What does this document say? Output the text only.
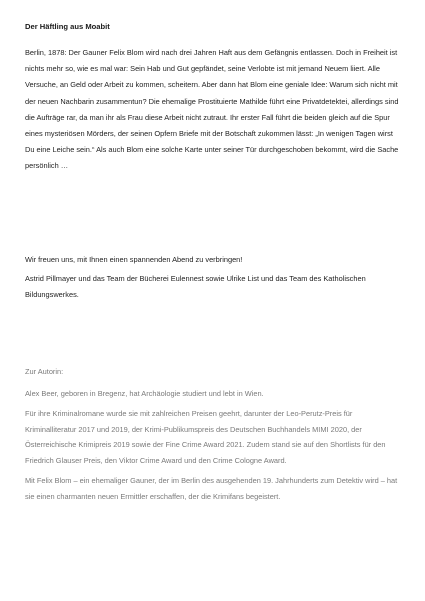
Der Häftling aus Moabit

Berlin, 1878: Der Gauner Felix Blom wird nach drei Jahren Haft aus dem Gefängnis entlassen. Doch in Freiheit ist nichts mehr so, wie es mal war: Sein Hab und Gut gepfändet, seine Verlobte ist mit jemand Neuem liiert. Alle Versuche, an Geld oder Arbeit zu kommen, scheitern. Aber dann hat Blom eine geniale Idee: Warum sich nicht mit der neuen Nachbarin zusammentun? Die ehemalige Prostituierte Mathilde führt eine Privatdetektei, allerdings sind die Aufträge rar, da man ihr als Frau diese Arbeit nicht zutraut. Ihr erster Fall führt die beiden gleich auf die Spur eines mysteriösen Mörders, der seinen Opfern Briefe mit der Botschaft zukommen lässt: „In wenigen Tagen wirst Du eine Leiche sein.“ Als auch Blom eine solche Karte unter seiner Tür durchgeschoben bekommt, wird die Sache persönlich …

Wir freuen uns, mit Ihnen einen spannenden Abend zu verbringen!

Astrid Pillmayer und das Team der Bücherei Eulennest sowie Ulrike List und das Team des Katholischen Bildungswerkes.

Zur Autorin:

Alex Beer, geboren in Bregenz, hat Archäologie studiert und lebt in Wien.

Für ihre Kriminalromane wurde sie mit zahlreichen Preisen geehrt, darunter der Leo-Perutz-Preis für Kriminalliteratur 2017 und 2019, der Krimi-Publikumspreis des Deutschen Buchhandels MIMI 2020, der Österreichische Krimipreis 2019 sowie der Fine Crime Award 2021. Zudem stand sie auf den Shortlists für den Friedrich Glauser Preis, den Viktor Crime Award und den Crime Cologne Award.

Mit Felix Blom – ein ehemaliger Gauner, der im Berlin des ausgehenden 19. Jahrhunderts zum Detektiv wird – hat sie einen charmanten neuen Ermittler erschaffen, der die Krimifans begeistert.
